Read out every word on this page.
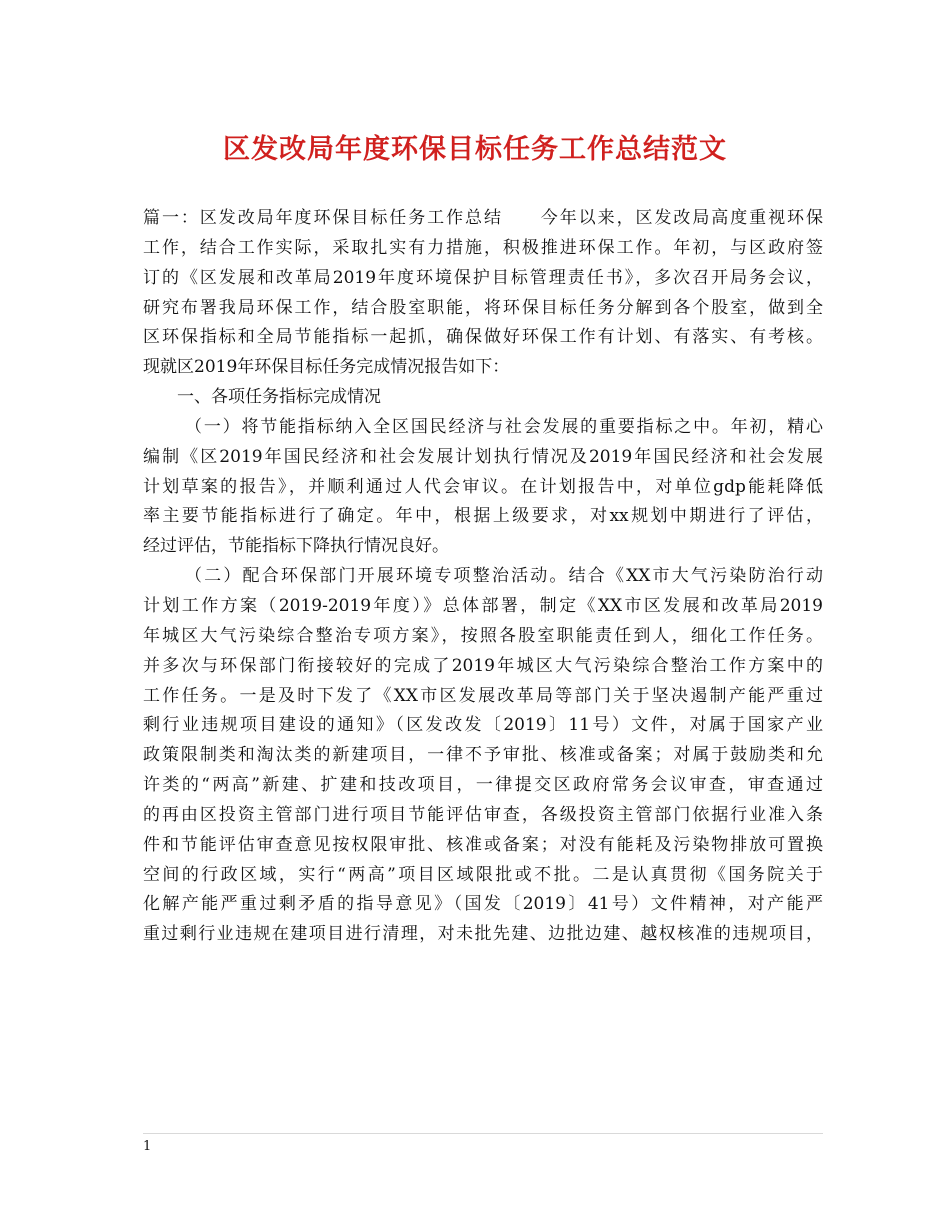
区发改局年度环保目标任务工作总结范文
篇一：区发改局年度环保目标任务工作总结　　今年以来，区发改局高度重视环保
工作，结合工作实际，采取扎实有力措施，积极推进环保工作。年初，与区政府签
订的《区发展和改革局2019年度环境保护目标管理责任书》，多次召开局务会议，
研究布署我局环保工作，结合股室职能，将环保目标任务分解到各个股室，做到全
区环保指标和全局节能指标一起抓，确保做好环保工作有计划、有落实、有考核。
现就区2019年环保目标任务完成情况报告如下：
一、各项任务指标完成情况
（一）将节能指标纳入全区国民经济与社会发展的重要指标之中。年初，精心
编制《区2019年国民经济和社会发展计划执行情况及2019年国民经济和社会发展
计划草案的报告》，并顺利通过人代会审议。在计划报告中，对单位gdp能耗降低
率主要节能指标进行了确定。年中，根据上级要求，对xx规划中期进行了评估，
经过评估，节能指标下降执行情况良好。
（二）配合环保部门开展环境专项整治活动。结合《XX市大气污染防治行动
计划工作方案（2019-2019年度）》总体部署，制定《XX市区发展和改革局2019
年城区大气污染综合整治专项方案》，按照各股室职能责任到人，细化工作任务。
并多次与环保部门衔接较好的完成了2019年城区大气污染综合整治工作方案中的
工作任务。一是及时下发了《XX市区发展改革局等部门关于坚决遏制产能严重过
剩行业违规项目建设的通知》（区发改发〔2019〕11号）文件，对属于国家产业
政策限制类和淘汰类的新建项目，一律不予审批、核准或备案；对属于鼓励类和允
许类的“两高”新建、扩建和技改项目，一律提交区政府常务会议审查，审查通过
的再由区投资主管部门进行项目节能评估审查，各级投资主管部门依据行业准入条
件和节能评估审查意见按权限审批、核准或备案；对没有能耗及污染物排放可置换
空间的行政区域，实行“两高”项目区域限批或不批。二是认真贯彻《国务院关于
化解产能严重过剩矛盾的指导意见》（国发〔2019〕41号）文件精神，对产能严
重过剩行业违规在建项目进行清理，对未批先建、边批边建、越权核准的违规项目，
1
